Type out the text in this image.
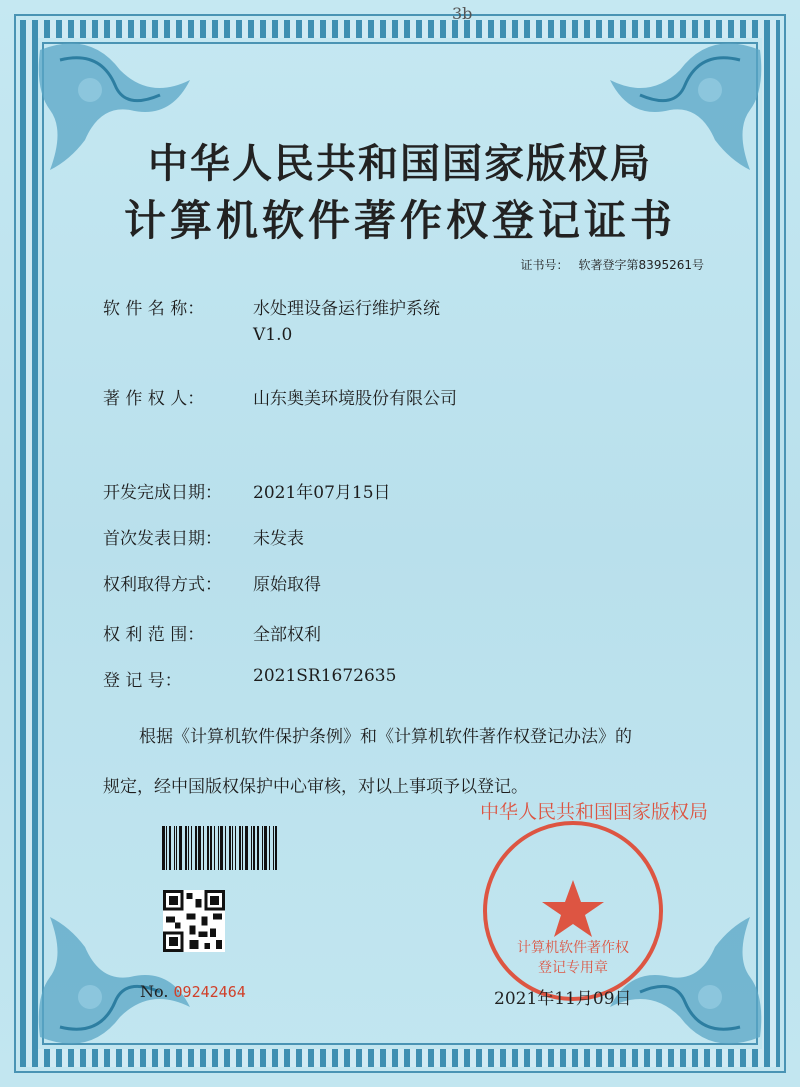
3b
中华人民共和国国家版权局
计算机软件著作权登记证书
证书号： 软著登字第8395261号
软 件 名 称：	水处理设备运行维护系统
V1.0
著 作 权 人：	山东奥美环境股份有限公司
开发完成日期： 2021年07月15日
首次发表日期： 未发表
权利取得方式： 原始取得
权 利 范 围：	全部权利
登 记 号：	2021SR1672635
根据《计算机软件保护条例》和《计算机软件著作权登记办法》的
规定，经中国版权保护中心审核，对以上事项予以登记。
No. 09242464
中华人民共和国国家版权局
计算机软件著作权
登记专用章
2021年11月09日
